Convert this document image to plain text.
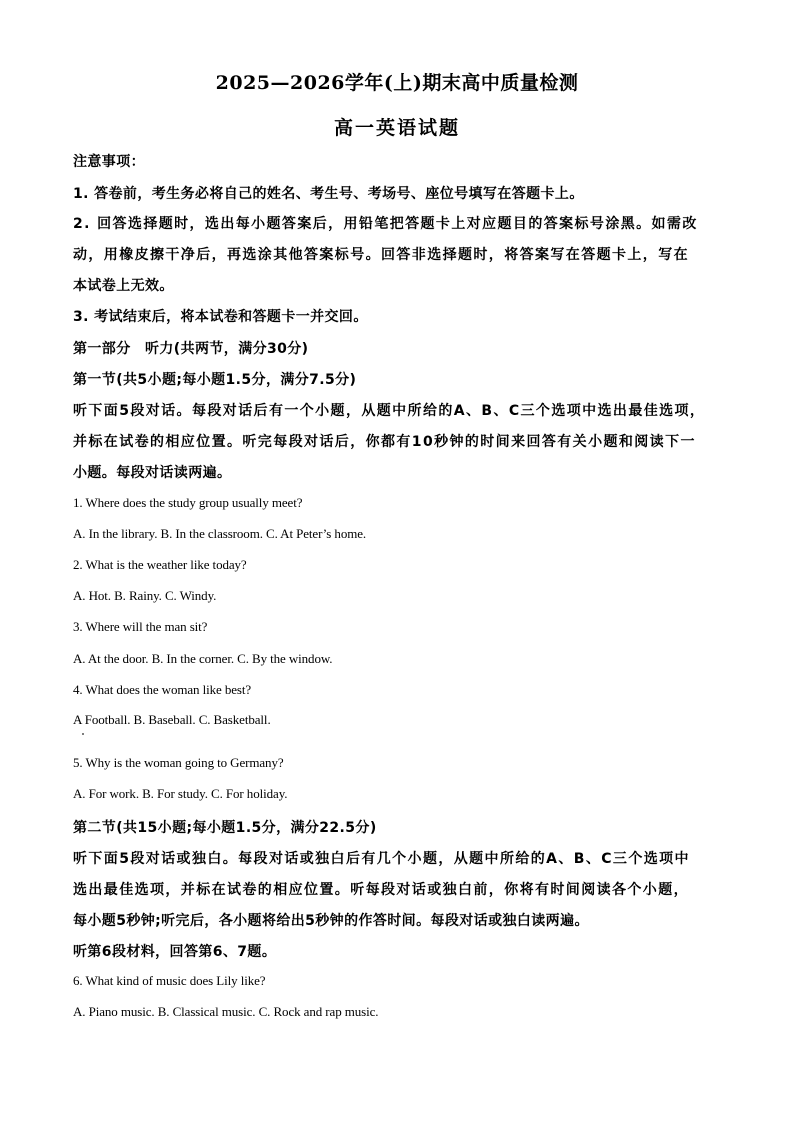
2025—2026学年(上)期末高中质量检测
高一英语试题
注意事项：
1. 答卷前，考生务必将自己的姓名、考生号、考场号、座位号填写在答题卡上。
2. 回答选择题时，选出每小题答案后，用铅笔把答题卡上对应题目的答案标号涂黑。如需改
动，用橡皮擦干净后，再选涂其他答案标号。回答非选择题时，将答案写在答题卡上，写在
本试卷上无效。
3. 考试结束后，将本试卷和答题卡一并交回。
第一部分　听力(共两节，满分30分)
第一节(共5小题;每小题1.5分，满分7.5分)
听下面5段对话。每段对话后有一个小题，从题中所给的A、B、C三个选项中选出最佳选项，
并标在试卷的相应位置。听完每段对话后，你都有10秒钟的时间来回答有关小题和阅读下一
小题。每段对话读两遍。
1. Where does the study group usually meet?
A. In the library. B. In the classroom. C. At Peter’s home.
2. What is the weather like today?
A. Hot. B. Rainy. C. Windy.
3. Where will the man sit?
A. At the door. B. In the corner. C. By the window.
4. What does the woman like best?
A Football. B. Baseball. C. Basketball.
5. Why is the woman going to Germany?
A. For work. B. For study. C. For holiday.
第二节(共15小题;每小题1.5分，满分22.5分)
听下面5段对话或独白。每段对话或独白后有几个小题，从题中所给的A、B、C三个选项中
选出最佳选项，并标在试卷的相应位置。听每段对话或独白前，你将有时间阅读各个小题，
每小题5秒钟;听完后，各小题将给出5秒钟的作答时间。每段对话或独白读两遍。
听第6段材料，回答第6、7题。
6. What kind of music does Lily like?
A. Piano music. B. Classical music. C. Rock and rap music.
